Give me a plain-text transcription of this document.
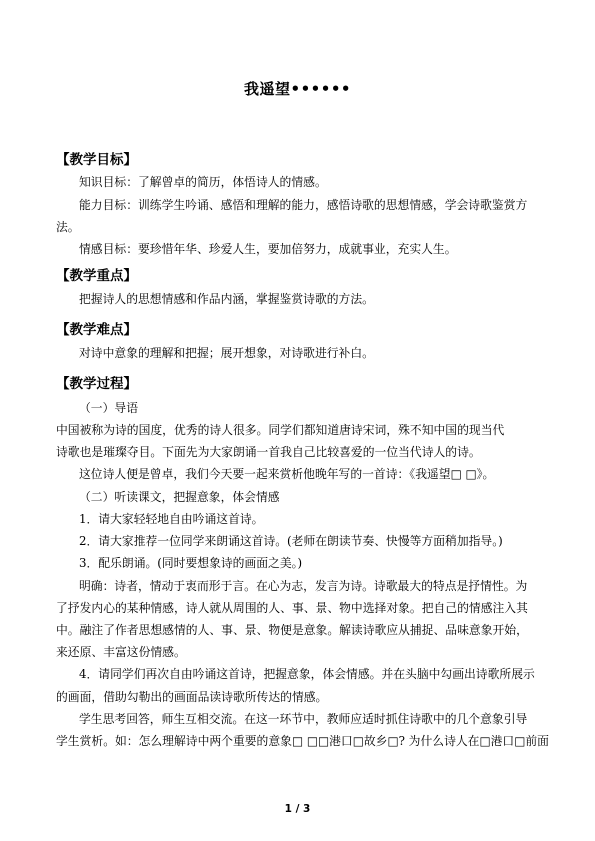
我遥望••••••
【教学目标】
知识目标：了解曾卓的简历，体悟诗人的情感。
能力目标：训练学生吟诵、感悟和理解的能力，感悟诗歌的思想情感，学会诗歌鉴赏方
法。
情感目标：要珍惜年华、珍爱人生，要加倍努力，成就事业，充实人生。
【教学重点】
把握诗人的思想情感和作品内涵，掌握鉴赏诗歌的方法。
【教学难点】
对诗中意象的理解和把握；展开想象，对诗歌进行补白。
【教学过程】
（一）导语
中国被称为诗的国度，优秀的诗人很多。同学们都知道唐诗宋词，殊不知中国的现当代
诗歌也是璀璨夺目。下面先为大家朗诵一首我自己比较喜爱的一位当代诗人的诗。
这位诗人便是曾卓，我们今天要一起来赏析他晚年写的一首诗：《我遥望□ □》。
（二）听读课文，把握意象，体会情感
1．请大家轻轻地自由吟诵这首诗。
2．请大家推荐一位同学来朗诵这首诗。(老师在朗读节奏、快慢等方面稍加指导。)
3．配乐朗诵。(同时要想象诗的画面之美。)
明确：诗者，情动于衷而形于言。在心为志，发言为诗。诗歌最大的特点是抒情性。为
了抒发内心的某种情感，诗人就从周围的人、事、景、物中选择对象。把自己的情感注入其
中。融注了作者思想感情的人、事、景、物便是意象。解读诗歌应从捕捉、品味意象开始，
来还原、丰富这份情感。
4．请同学们再次自由吟诵这首诗，把握意象，体会情感。并在头脑中勾画出诗歌所展示
的画面，借助勾勒出的画面品读诗歌所传达的情感。
学生思考回答，师生互相交流。在这一环节中，教师应适时抓住诗歌中的几个意象引导
学生赏析。如：怎么理解诗中两个重要的意象□ □□港口□故乡□? 为什么诗人在□港口□前面
1 / 3
